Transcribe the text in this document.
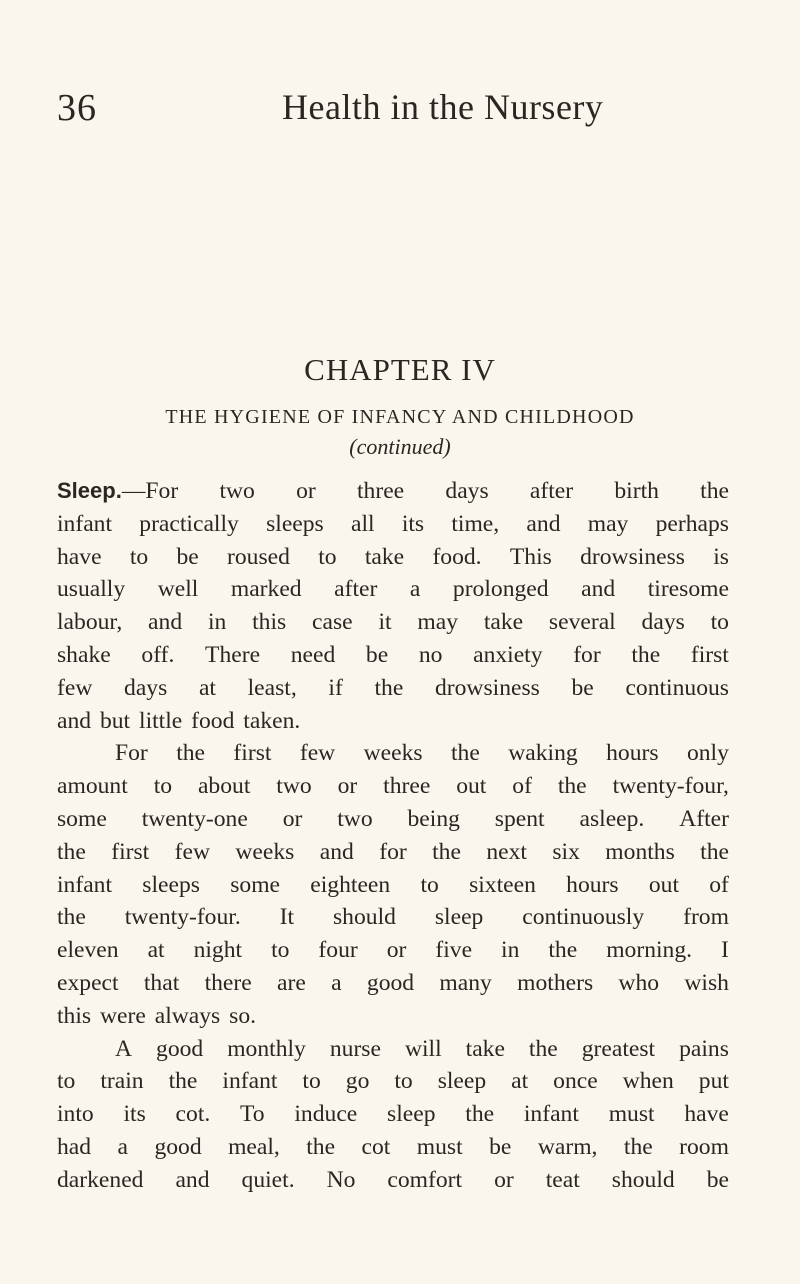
36	Health in the Nursery
CHAPTER IV
THE HYGIENE OF INFANCY AND CHILDHOOD
(continued)
Sleep.—For two or three days after birth the
infant practically sleeps all its time, and may perhaps
have to be roused to take food. This drowsiness is
usually well marked after a prolonged and tiresome
labour, and in this case it may take several days to
shake off. There need be no anxiety for the first
few days at least, if the drowsiness be continuous
and but little food taken.
For the first few weeks the waking hours only
amount to about two or three out of the twenty-four,
some twenty-one or two being spent asleep. After
the first few weeks and for the next six months the
infant sleeps some eighteen to sixteen hours out of
the twenty-four. It should sleep continuously from
eleven at night to four or five in the morning. I
expect that there are a good many mothers who wish
this were always so.
A good monthly nurse will take the greatest pains
to train the infant to go to sleep at once when put
into its cot. To induce sleep the infant must have
had a good meal, the cot must be warm, the room
darkened and quiet. No comfort or teat should be
